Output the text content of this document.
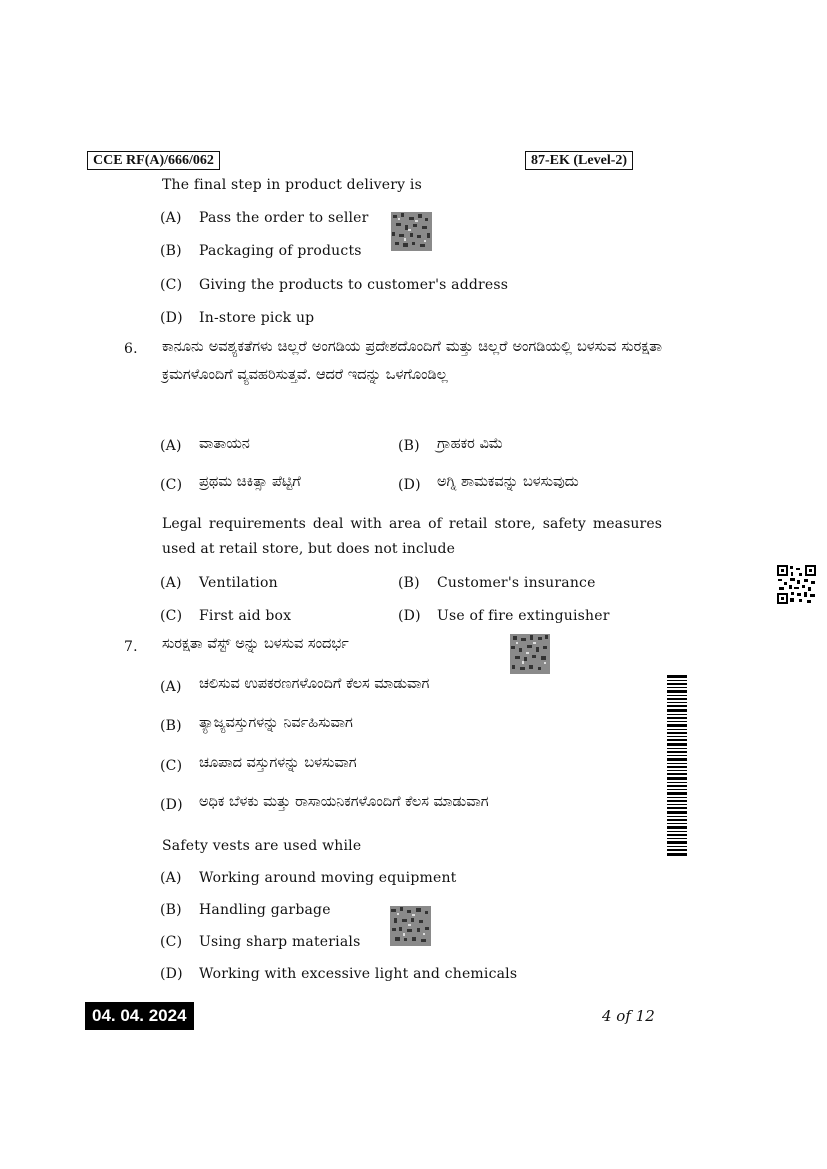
CCE RF(A)/666/062	87-EK (Level-2)
The final step in product delivery is
(A) Pass the order to seller
(B) Packaging of products
(C) Giving the products to customer's address
(D) In-store pick up
6. ಕಾನೂನು ಅವಶ್ಯಕತೆಗಳು ಚಿಲ್ಲರೆ ಅಂಗಡಿಯ ಪ್ರದೇಶದೊಂದಿಗೆ ಮತ್ತು ಚಿಲ್ಲರೆ ಅಂಗಡಿಯಲ್ಲಿ ಬಳಸುವ ಸುರಕ್ಷತಾ ಕ್ರಮಗಳೊಂದಿಗೆ ವ್ಯವಹರಿಸುತ್ತವೆ. ಆದರೆ ಇದನ್ನು ಒಳಗೊಂಡಿಲ್ಲ
(A) ವಾತಾಯನ	(B) ಗ್ರಾಹಕರ ವಿಮೆ
(C) ಪ್ರಥಮ ಚಿಕಿತ್ಸಾ ಪೆಟ್ಟಿಗೆ	(D) ಅಗ್ನಿ ಶಾಮಕವನ್ನು ಬಳಸುವುದು
Legal requirements deal with area of retail store, safety measures used at retail store, but does not include
(A) Ventilation	(B) Customer's insurance
(C) First aid box	(D) Use of fire extinguisher
7. ಸುರಕ್ಷತಾ ವೆಸ್ಟ್ ಅನ್ನು ಬಳಸುವ ಸಂದರ್ಭ
(A) ಚಲಿಸುವ ಉಪಕರಣಗಳೊಂದಿಗೆ ಕೆಲಸ ಮಾಡುವಾಗ
(B) ತ್ಯಾಜ್ಯವಸ್ತುಗಳನ್ನು ನಿರ್ವಹಿಸುವಾಗ
(C) ಚೂಪಾದ ವಸ್ತುಗಳನ್ನು ಬಳಸುವಾಗ
(D) ಅಧಿಕ ಬೆಳಕು ಮತ್ತು ರಾಸಾಯನಿಕಗಳೊಂದಿಗೆ ಕೆಲಸ ಮಾಡುವಾಗ
Safety vests are used while
(A) Working around moving equipment
(B) Handling garbage
(C) Using sharp materials
(D) Working with excessive light and chemicals
04. 04. 2024	4 of 12
